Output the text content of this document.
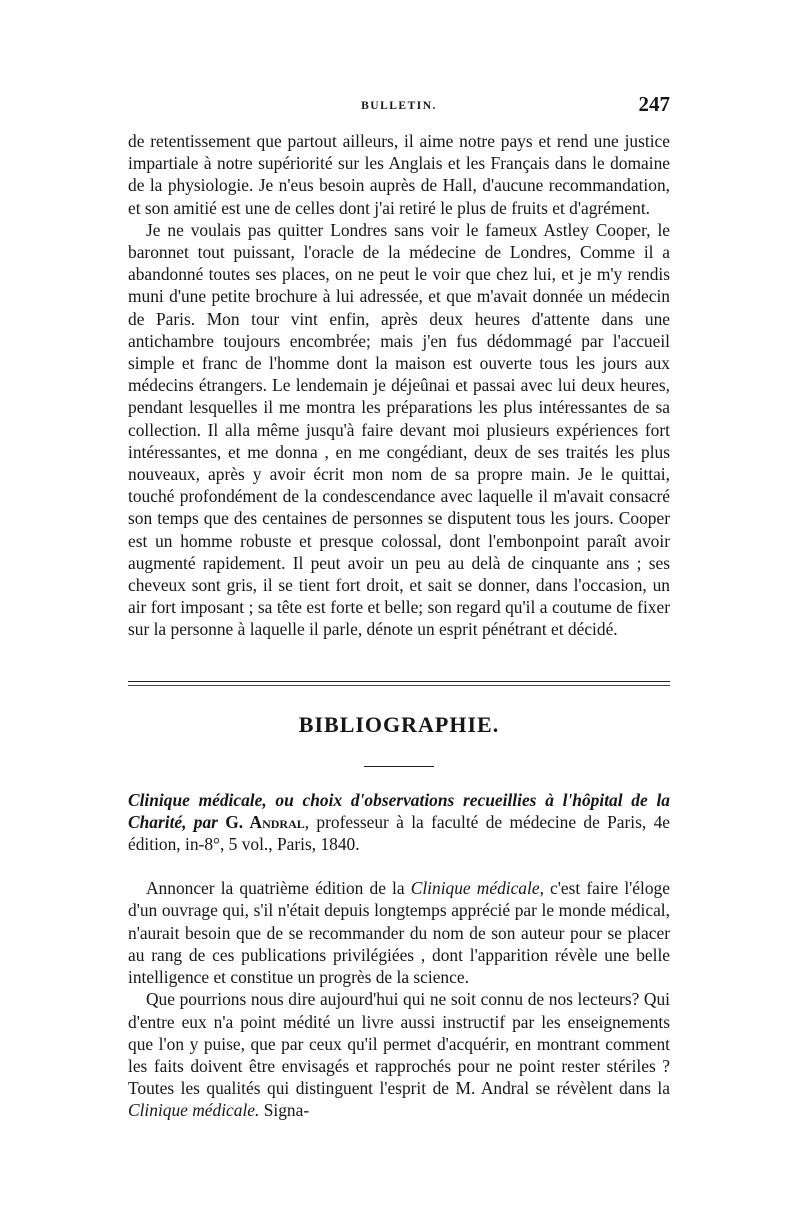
BULLETIN.	247

de retentissement que partout ailleurs, il aime notre pays et rend une justice impartiale à notre supériorité sur les Anglais et les Français dans le domaine de la physiologie. Je n'eus besoin auprès de Hall, d'aucune recommandation, et son amitié est une de celles dont j'ai retiré le plus de fruits et d'agrément.

Je ne voulais pas quitter Londres sans voir le fameux Astley Cooper, le baronnet tout puissant, l'oracle de la médecine de Londres, Comme il a abandonné toutes ses places, on ne peut le voir que chez lui, et je m'y rendis muni d'une petite brochure à lui adressée, et que m'avait donnée un médecin de Paris. Mon tour vint enfin, après deux heures d'attente dans une antichambre toujours encombrée; mais j'en fus dédommagé par l'accueil simple et franc de l'homme dont la maison est ouverte tous les jours aux médecins étrangers. Le lendemain je déjeûnai et passai avec lui deux heures, pendant lesquelles il me montra les préparations les plus intéressantes de sa collection. Il alla même jusqu'à faire devant moi plusieurs expériences fort intéressantes, et me donna , en me congédiant, deux de ses traités les plus nouveaux, après y avoir écrit mon nom de sa propre main. Je le quittai, touché profondément de la condescendance avec laquelle il m'avait consacré son temps que des centaines de personnes se disputent tous les jours. Cooper est un homme robuste et presque colossal, dont l'embonpoint paraît avoir augmenté rapidement. Il peut avoir un peu au delà de cinquante ans ; ses cheveux sont gris, il se tient fort droit, et sait se donner, dans l'occasion, un air fort imposant ; sa tête est forte et belle; son regard qu'il a coutume de fixer sur la personne à laquelle il parle, dénote un esprit pénétrant et décidé.

BIBLIOGRAPHIE.
Clinique médicale, ou choix d'observations recueillies à l'hôpital de la Charité, par G. Andral, professeur à la faculté de médecine de Paris, 4e édition, in-8°, 5 vol., Paris, 1840.

Annoncer la quatrième édition de la Clinique médicale, c'est faire l'éloge d'un ouvrage qui, s'il n'était depuis longtemps apprécié par le monde médical, n'aurait besoin que de se recommander du nom de son auteur pour se placer au rang de ces publications privilégiées , dont l'apparition révèle une belle intelligence et constitue un progrès de la science.

Que pourrions nous dire aujourd'hui qui ne soit connu de nos lecteurs? Qui d'entre eux n'a point médité un livre aussi instructif par les enseignements que l'on y puise, que par ceux qu'il permet d'acquérir, en montrant comment les faits doivent être envisagés et rapprochés pour ne point rester stériles ? Toutes les qualités qui distinguent l'esprit de M. Andral se révèlent dans la Clinique médicale. Signa-
